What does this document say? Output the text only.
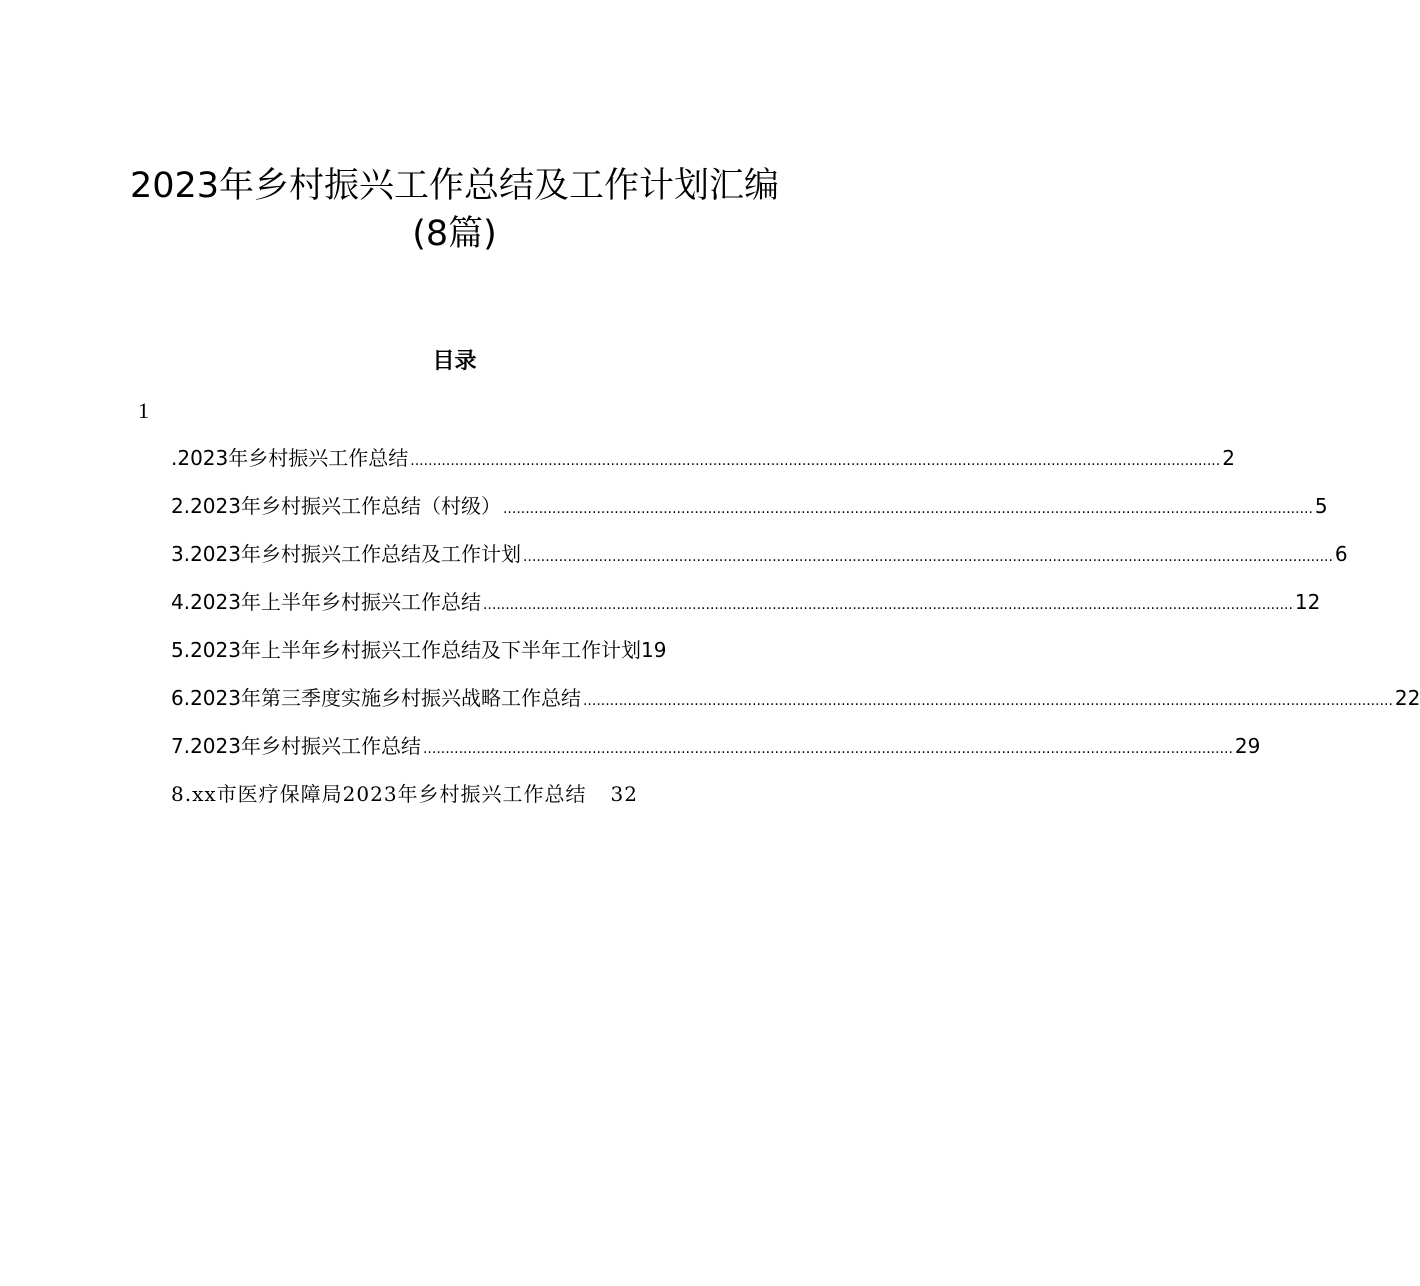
2023年乡村振兴工作总结及工作计划汇编
(8篇)
目录
1
.2023年乡村振兴工作总结 .....	2
2.2023年乡村振兴工作总结（村级） .....	5
3.2023年乡村振兴工作总结及工作计划 .....	6
4.2023年上半年乡村振兴工作总结 .....	12
5.2023年上半年乡村振兴工作总结及下半年工作计划 19
6.2023年第三季度实施乡村振兴战略工作总结 .....	22
7.2023年乡村振兴工作总结 .....	29
8.xx市医疗保障局2023年乡村振兴工作总结 32
